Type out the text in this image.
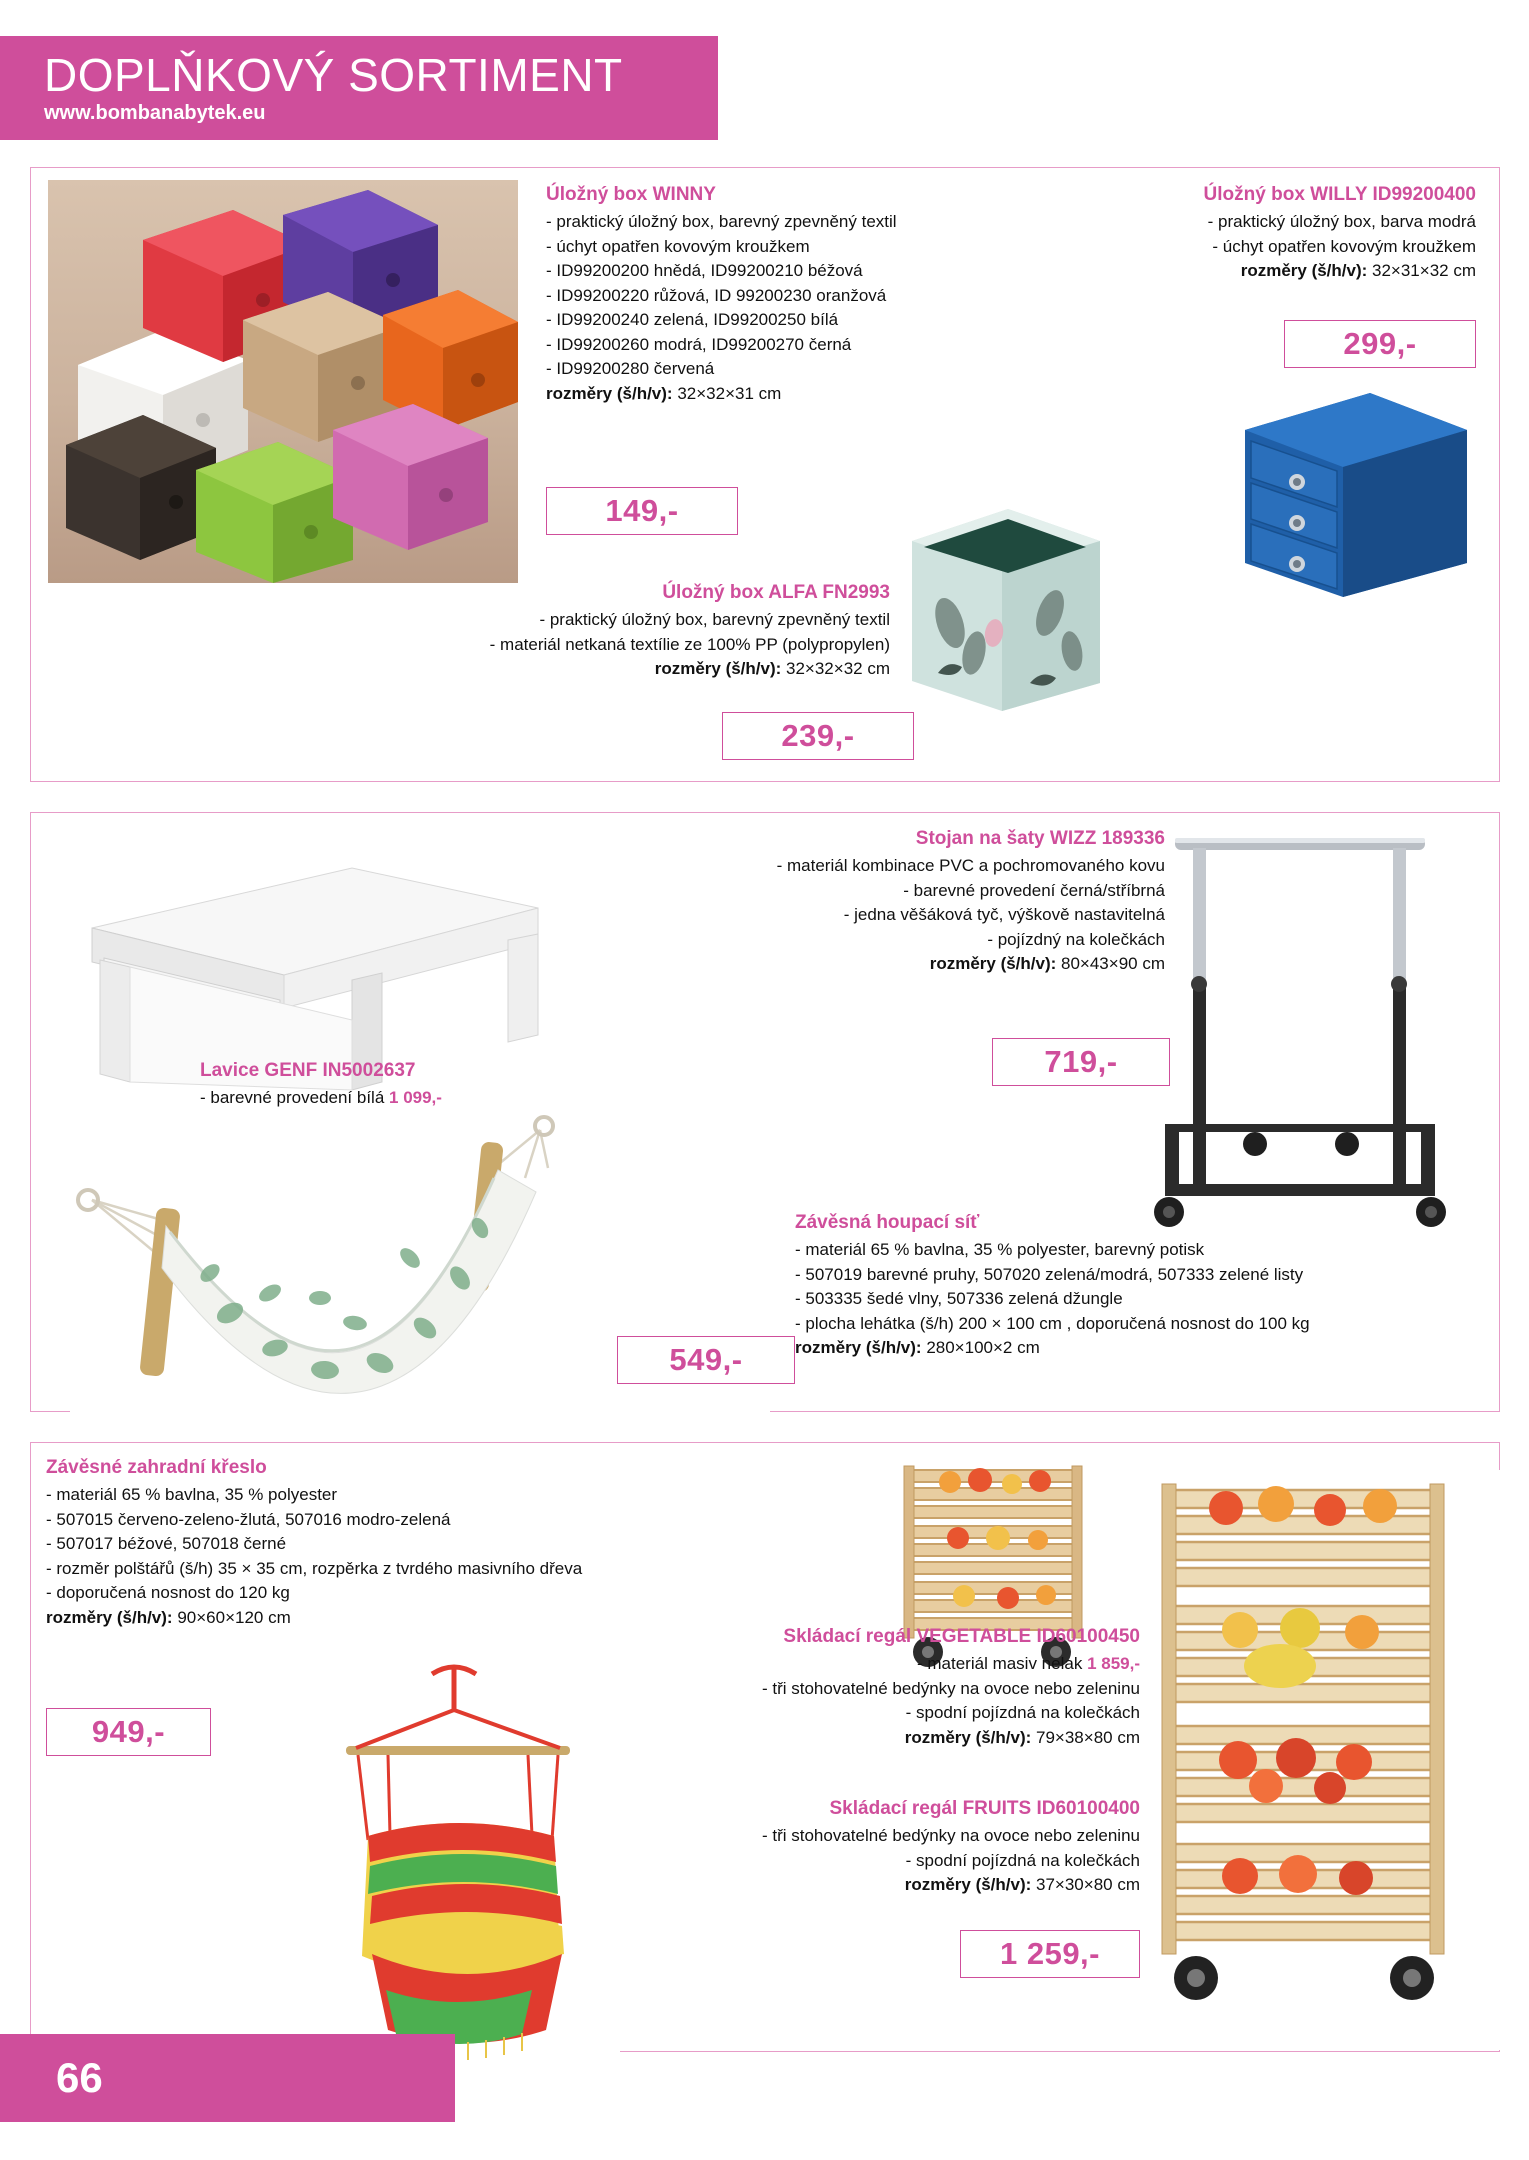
DOPLŇKOVÝ SORTIMENT
www.bombanabytek.eu
Úložný box WINNY
- praktický úložný box, barevný zpevněný textil
- úchyt opatřen kovovým kroužkem
- ID99200200 hnědá, ID99200210 béžová
- ID99200220 růžová, ID 99200230 oranžová
- ID99200240 zelená, ID99200250 bílá
- ID99200260 modrá, ID99200270 černá
- ID99200280 červená
rozměry (š/h/v): 32×32×31 cm
149,-
Úložný box WILLY ID99200400
- praktický úložný box, barva modrá
- úchyt opatřen kovovým kroužkem
rozměry (š/h/v): 32×31×32 cm
299,-
Úložný box ALFA FN2993
- praktický úložný box, barevný zpevněný textil
- materiál netkaná textílie ze 100% PP (polypropylen)
rozměry (š/h/v): 32×32×32 cm
239,-
Stojan na šaty WIZZ 189336
- materiál kombinace PVC a pochromovaného kovu
- barevné provedení černá/stříbrná
- jedna věšáková tyč, výškově nastavitelná
- pojízdný na kolečkách
rozměry (š/h/v): 80×43×90 cm
719,-
Lavice GENF IN5002637
- barevné provedení bílá 1 099,-
Závěsná houpací síť
- materiál 65 % bavlna, 35 % polyester, barevný potisk
- 507019 barevné pruhy, 507020 zelená/modrá, 507333 zelené listy
- 503335 šedé vlny, 507336 zelená džungle
- plocha lehátka (š/h) 200 × 100 cm , doporučená nosnost do 100 kg
rozměry (š/h/v): 280×100×2 cm
549,-
Závěsné zahradní křeslo
- materiál 65 % bavlna, 35 % polyester
- 507015 červeno-zeleno-žlutá, 507016 modro-zelená
- 507017 béžové, 507018 černé
- rozměr polštářů (š/h) 35 × 35 cm, rozpěrka z tvrdého masivního dřeva
- doporučená nosnost do 120 kg
rozměry (š/h/v): 90×60×120 cm
949,-
Skládací regál VEGETABLE ID60100450
- materiál masiv nelak 1 859,-
- tři stohovatelné bedýnky na ovoce nebo zeleninu
- spodní pojízdná na kolečkách
rozměry (š/h/v): 79×38×80 cm
Skládací regál FRUITS ID60100400
- tři stohovatelné bedýnky na ovoce nebo zeleninu
- spodní pojízdná na kolečkách
rozměry (š/h/v): 37×30×80 cm
1 259,-
66
